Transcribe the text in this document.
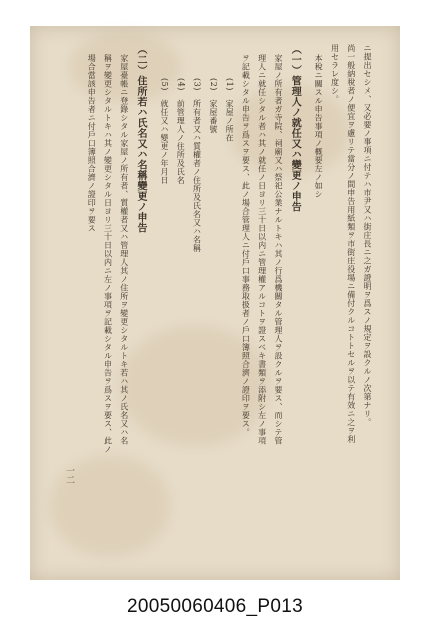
ニ提出セシメ、又必要ノ事項ニ付テハ市尹又ハ街庄長ニ之ガ證明ヲ爲スノ規定ヲ設クルノ次第ナリ。
尚一般納稅者ノ便宜ヲ慮リテ當分ノ間申告用紙類ヲ市街庄役場ニ備付クルコトトセルヲ以テ有效ニ之ヲ利
用セラレ度シ。
本稅ニ關スル申告事項ノ概要左ノ如シ
（一）管理人ノ就任又ハ變更ノ申告
家屋ノ所有者ガ寺院、祠廟又ハ祭祀公業ナルトキハ其ノ行爲機關タル管理人ヲ設クルヲ要ス、而シテ管
理人ニ就任シタル者ハ其ノ就任ノ日ヨリ三十日以内ニ管理權アルコトヲ證スベキ書類ヲ添附シ左ノ事項
ヲ記載シタル申告ヲ爲スヲ要ス、此ノ場合管理人ニ付戶口事務取扱者ノ戶口簿照合濟ノ證印ヲ要ス。
(1)　家屋ノ所在
(2)　家屋番號
(3)　所有者又ハ質權者ノ住所及氏名又ハ名稱
(4)　前管理人ノ住所及氏名
(5)　就任又ハ變更ノ年月日
（二）住所若ハ氏名又ハ名稱變更ノ申告
家屋臺帳ニ登錄シタル家屋ノ所有者、質權者又ハ管理人其ノ住所ヲ變更シタルトキ若ハ其ノ氏名又ハ名
稱ヲ變更シタルトキハ其ノ變更シタル日ヨリ三十日以内ニ左ノ事項ヲ記載シタル申告ヲ爲スヲ要ス、此ノ
場合當該申告者ニ付戶口簿照合濟ノ證印ヲ要ス
一二
20050060406_P013
